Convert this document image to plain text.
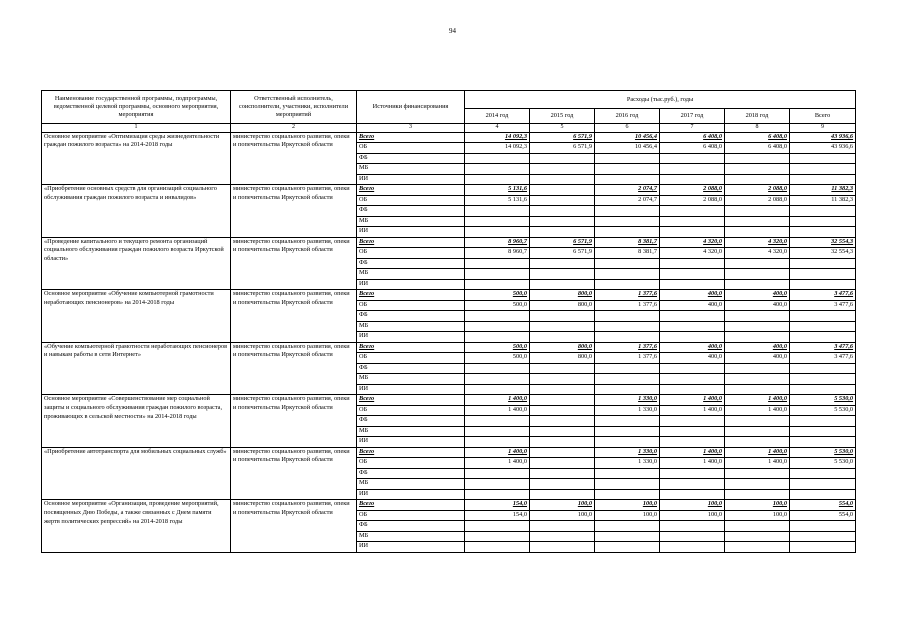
94
Наименование государственной программы, подпрограммы, ведомственной целевой программы, основного мероприятия, мероприятия	Ответственный исполнитель, соисполнители, участники, исполнители мероприятий	Источники финансирования	Расходы (тыс.руб.), годы					
			2014 год	2015 год	2016 год	2017 год	2018 год	Всего
1	2	3	4	5	6	7	8	9
Основное мероприятие «Оптимизация среды жизнедеятельности граждан пожилого возраста» на 2014-2018 годы	министерство социального развития, опеки и попечительства Иркутской области	Всего	14 092,3	6 571,9	10 456,4	6 408,0	6 408,0	43 936,6
		ОБ	14 092,3	6 571,9	10 456,4	6 408,0	6 408,0	43 936,6
		ФБ						
		МБ						
		ИИ						
«Приобретение основных средств для организаций социального обслуживания граждан пожилого возраста и инвалидов»	министерство социального развития, опеки и попечительства Иркутской области	Всего	5 131,6		2 074,7	2 088,0	2 088,0	11 382,3
		ОБ	5 131,6		2 074,7	2 088,0	2 088,0	11 382,3
		ФБ						
		МБ						
		ИИ						
«Проведение капитального и текущего ремонта организаций социального обслуживания граждан пожилого возраста Иркутской области»	министерство социального развития, опеки и попечительства Иркутской области	Всего	8 960,7	6 571,9	8 381,7	4 320,0	4 320,0	32 554,3
		ОБ	8 960,7	6 571,9	8 381,7	4 320,0	4 320,0	32 554,3
		ФБ						
		МБ						
		ИИ						
Основное мероприятие «Обучение компьютерной грамотности неработающих пенсионеров» на 2014-2018 годы	министерство социального развития, опеки и попечительства Иркутской области	Всего	500,0	800,0	1 377,6	400,0	400,0	3 477,6
		ОБ	500,0	800,0	1 377,6	400,0	400,0	3 477,6
		ФБ						
		МБ						
		ИИ						
«Обучение компьютерной грамотности неработающих пенсионеров и навыкам работы в сети Интернет»	министерство социального развития, опеки и попечительства Иркутской области	Всего	500,0	800,0	1 377,6	400,0	400,0	3 477,6
		ОБ	500,0	800,0	1 377,6	400,0	400,0	3 477,6
		ФБ						
		МБ						
		ИИ						
Основное мероприятие «Совершенствование мер социальной защиты и социального обслуживания граждан пожилого возраста, проживающих в сельской местности» на 2014-2018 годы	министерство социального развития, опеки и попечительства Иркутской области	Всего	1 400,0		1 330,0	1 400,0	1 400,0	5 530,0
		ОБ	1 400,0		1 330,0	1 400,0	1 400,0	5 530,0
		ФБ						
		МБ						
		ИИ						
«Приобретение автотранспорта для мобильных социальных служб»	министерство социального развития, опеки и попечительства Иркутской области	Всего	1 400,0		1 330,0	1 400,0	1 400,0	5 530,0
		ОБ	1 400,0		1 330,0	1 400,0	1 400,0	5 530,0
		ФБ						
		МБ						
		ИИ						
Основное мероприятие «Организация, проведение мероприятий, посвященных Дню Победы, а также связанных с Днем памяти жертв политических репрессий» на 2014-2018 годы	министерство социального развития, опеки и попечительства Иркутской области	Всего	154,0	100,0	100,0	100,0	100,0	554,0
		ОБ	154,0	100,0	100,0	100,0	100,0	554,0
		ФБ						
		МБ						
		ИИ						
